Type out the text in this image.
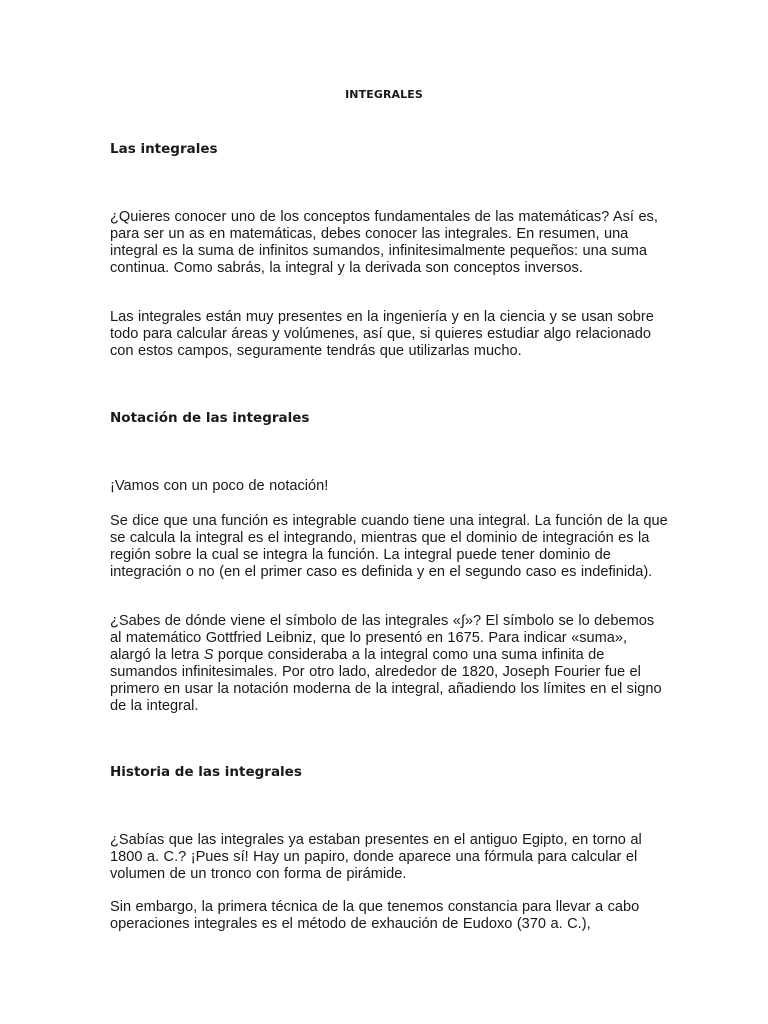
INTEGRALES

Las integrales

¿Quieres conocer uno de los conceptos fundamentales de las matemáticas? Así es, para ser un as en matemáticas, debes conocer las integrales. En resumen, una integral es la suma de infinitos sumandos, infinitesimalmente pequeños: una suma continua. Como sabrás, la integral y la derivada son conceptos inversos.

Las integrales están muy presentes en la ingeniería y en la ciencia y se usan sobre todo para calcular áreas y volúmenes, así que, si quieres estudiar algo relacionado con estos campos, seguramente tendrás que utilizarlas mucho.

Notación de las integrales

¡Vamos con un poco de notación!

Se dice que una función es integrable cuando tiene una integral. La función de la que se calcula la integral es el integrando, mientras que el dominio de integración es la región sobre la cual se integra la función. La integral puede tener dominio de integración o no (en el primer caso es definida y en el segundo caso es indefinida).

¿Sabes de dónde viene el símbolo de las integrales «∫»? El símbolo se lo debemos al matemático Gottfried Leibniz, que lo presentó en 1675. Para indicar «suma», alargó la letra S porque consideraba a la integral como una suma infinita de sumandos infinitesimales. Por otro lado, alrededor de 1820, Joseph Fourier fue el primero en usar la notación moderna de la integral, añadiendo los límites en el signo de la integral.

Historia de las integrales

¿Sabías que las integrales ya estaban presentes en el antiguo Egipto, en torno al 1800 a. C.? ¡Pues sí! Hay un papiro, donde aparece una fórmula para calcular el volumen de un tronco con forma de pirámide.

Sin embargo, la primera técnica de la que tenemos constancia para llevar a cabo operaciones integrales es el método de exhaución de Eudoxo (370 a. C.),
